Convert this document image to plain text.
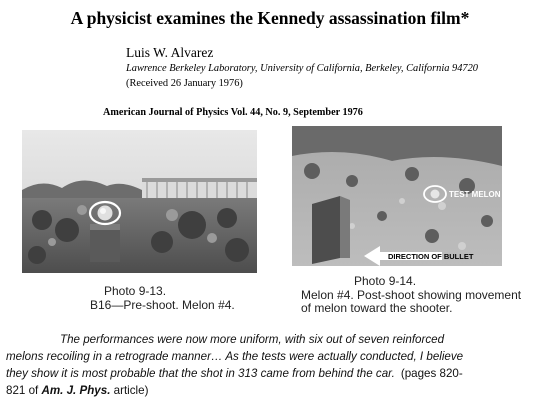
A physicist examines the Kennedy assassination film*
Luis W. Alvarez
Lawrence Berkeley Laboratory, University of California, Berkeley, California 94720
(Received 26 January 1976)
American Journal of Physics Vol. 44, No. 9, September 1976
TEST MELON #4
DIRECTION OF BULLET
Photo 9-13.
B16—Pre-shoot. Melon #4.
Photo 9-14.
Melon #4. Post-shoot showing movement
of melon toward the shooter.
The performances were now more uniform, with six out of seven reinforced
melons recoiling in a retrograde manner… As the tests were actually conducted, I believe
they show it is most probable that the shot in 313 came from behind the car. (pages 820-
821 of Am. J. Phys. article)
